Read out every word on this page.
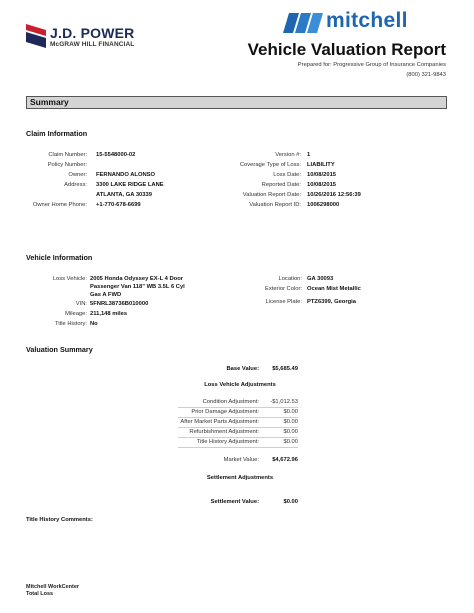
J.D. POWER
McGRAW HILL FINANCIAL
mitchell
Vehicle Valuation Report
Prepared for: Progressive Group of Insurance Companies
(800) 321-9843
Summary
Claim Information
Claim Number: 15-5548000-02
Policy Number:
Owner: FERNANDO ALONSO
Address: 3300 LAKE RIDGE LANE
ATLANTA, GA 30339
Owner Home Phone: +1-770-678-6699
Version #: 1
Coverage Type of Loss: LIABILITY
Loss Date: 10/08/2015
Reported Date: 10/08/2015
Valuation Report Date: 10/26/2016 12:56:39
Valuation Report ID: 1006298000
Vehicle Information
Loss Vehicle: 2005 Honda Odyssey EX-L 4 Door
Passenger Van 118" WB 3.5L 6 Cyl
Gas A FWD
VIN: 5FNRL38736B010000
Mileage: 211,148 miles
Title History: No
Location: GA 30093
Exterior Color: Ocean Mist Metallic
License Plate: PTZ6399, Georgia
Valuation Summary
Base Value: $5,685.49
Loss Vehicle Adjustments
Condition Adjustment: -$1,012.53
Prior Damage Adjustment:	$0.00
After Market Parts Adjustment:	$0.00
Refurbishment Adjustment:	$0.00
Title History Adjustment:	$0.00
Market Value: $4,672.96
Settlement Adjustments
Settlement Value:	$0.00
Title History Comments:
Mitchell WorkCenter
Total Loss
